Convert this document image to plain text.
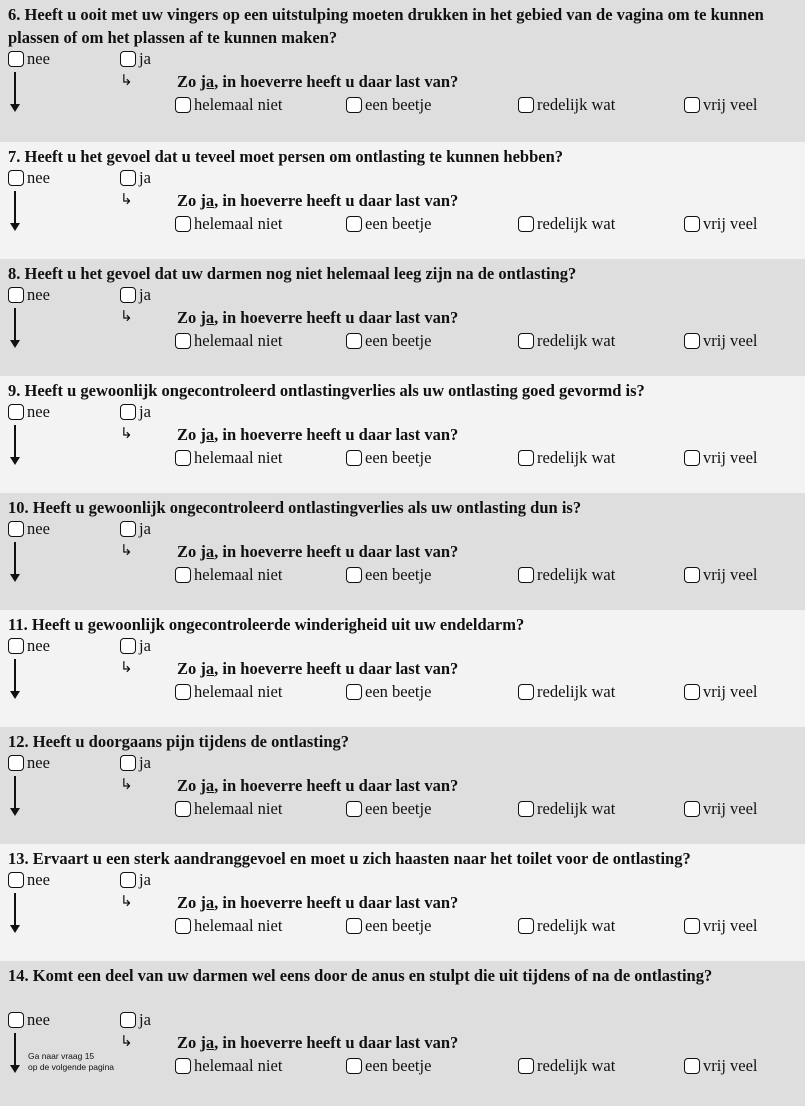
6. Heeft u ooit met uw vingers op een uitstulping moeten drukken in het gebied van de vagina om te kunnen plassen of om het plassen af te kunnen maken?

nee	ja
↳	Zo ja, in hoeverre heeft u daar last van?
helemaal niet	een beetje	redelijk wat	vrij veel

7. Heeft u het gevoel dat u teveel moet persen om ontlasting te kunnen hebben?

nee	ja
↳	Zo ja, in hoeverre heeft u daar last van?
helemaal niet	een beetje	redelijk wat	vrij veel

8. Heeft u het gevoel dat uw darmen nog niet helemaal leeg zijn na de ontlasting?

nee	ja
↳	Zo ja, in hoeverre heeft u daar last van?
helemaal niet	een beetje	redelijk wat	vrij veel

9. Heeft u gewoonlijk ongecontroleerd ontlastingverlies als uw ontlasting goed gevormd is?

nee	ja
↳	Zo ja, in hoeverre heeft u daar last van?
helemaal niet	een beetje	redelijk wat	vrij veel

10. Heeft u gewoonlijk ongecontroleerd ontlastingverlies als uw ontlasting dun is?

nee	ja
↳	Zo ja, in hoeverre heeft u daar last van?
helemaal niet	een beetje	redelijk wat	vrij veel

11. Heeft u gewoonlijk ongecontroleerde winderigheid uit uw endeldarm?

nee	ja
↳	Zo ja, in hoeverre heeft u daar last van?
helemaal niet	een beetje	redelijk wat	vrij veel

12. Heeft u doorgaans pijn tijdens de ontlasting?

nee	ja
↳	Zo ja, in hoeverre heeft u daar last van?
helemaal niet	een beetje	redelijk wat	vrij veel

13. Ervaart u een sterk aandranggevoel en moet u zich haasten naar het toilet voor de ontlasting?

nee	ja
↳	Zo ja, in hoeverre heeft u daar last van?
helemaal niet	een beetje	redelijk wat	vrij veel

14. Komt een deel van uw darmen wel eens door de anus en stulpt die uit tijdens of na de ontlasting?

nee	ja
↳	Zo ja, in hoeverre heeft u daar last van?
helemaal niet	een beetje	redelijk wat	vrij veel
Ga naar vraag 15
op de volgende pagina
